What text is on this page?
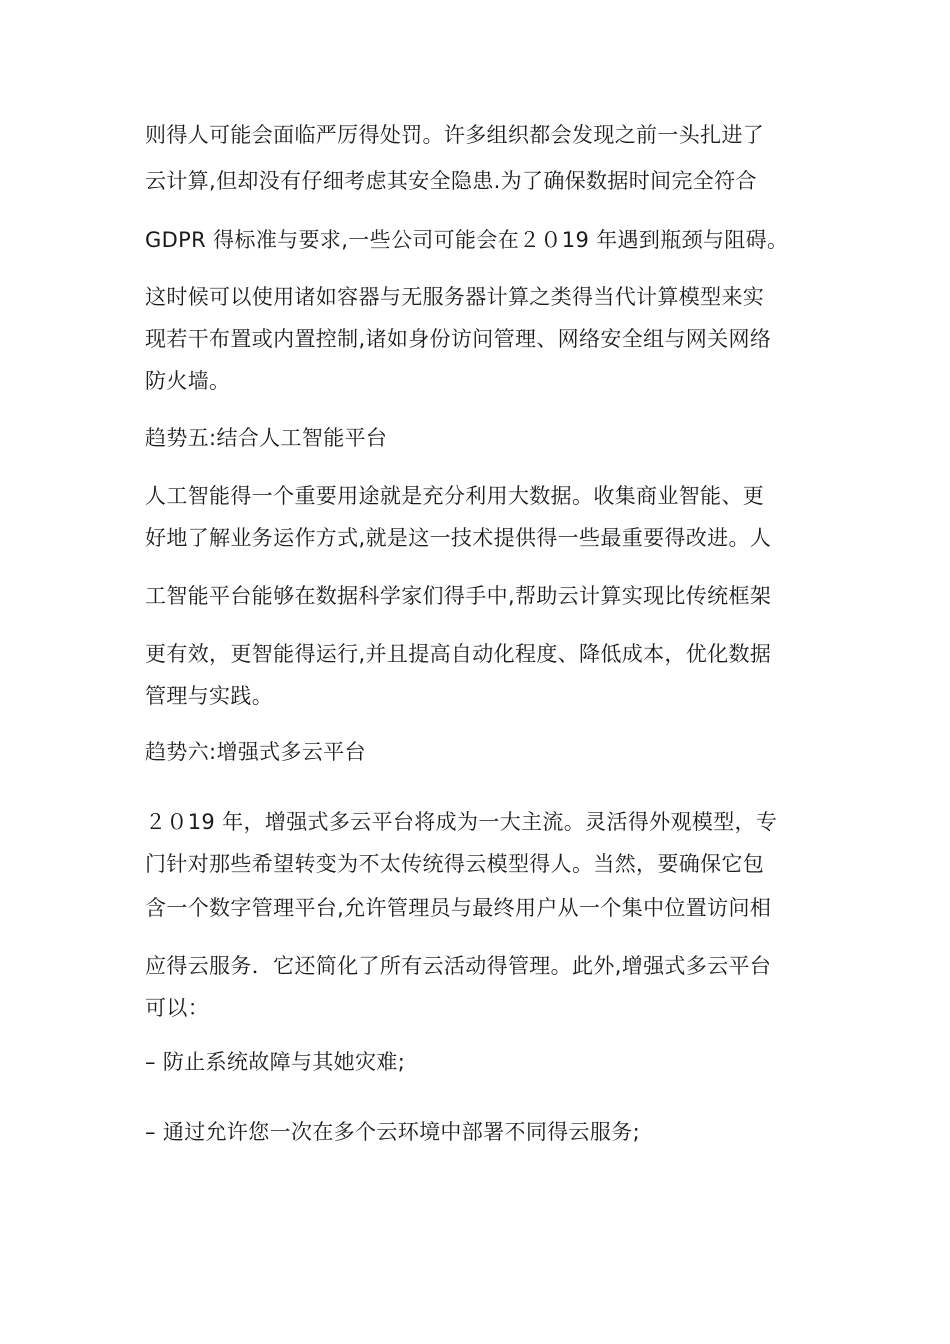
则得人可能会面临严厉得处罚。许多组织都会发现之前一头扎进了
云计算,但却没有仔细考虑其安全隐患.为了确保数据时间完全符合
GDPR 得标准与要求,一些公司可能会在２０19 年遇到瓶颈与阻碍。
这时候可以使用诸如容器与无服务器计算之类得当代计算模型来实
现若干布置或内置控制,诸如身份访问管理、网络安全组与网关网络
防火墙。
趋势五:结合人工智能平台
人工智能得一个重要用途就是充分利用大数据。收集商业智能、更
好地了解业务运作方式,就是这一技术提供得一些最重要得改进。人
工智能平台能够在数据科学家们得手中,帮助云计算实现比传统框架
更有效，更智能得运行,并且提高自动化程度、降低成本，优化数据
管理与实践。
趋势六:增强式多云平台
２０19 年，增强式多云平台将成为一大主流。灵活得外观模型，专
门针对那些希望转变为不太传统得云模型得人。当然，要确保它包
含一个数字管理平台,允许管理员与最终用户从一个集中位置访问相
应得云服务．它还简化了所有云活动得管理。此外,增强式多云平台
可以：
– 防止系统故障与其她灾难;
– 通过允许您一次在多个云环境中部署不同得云服务;
